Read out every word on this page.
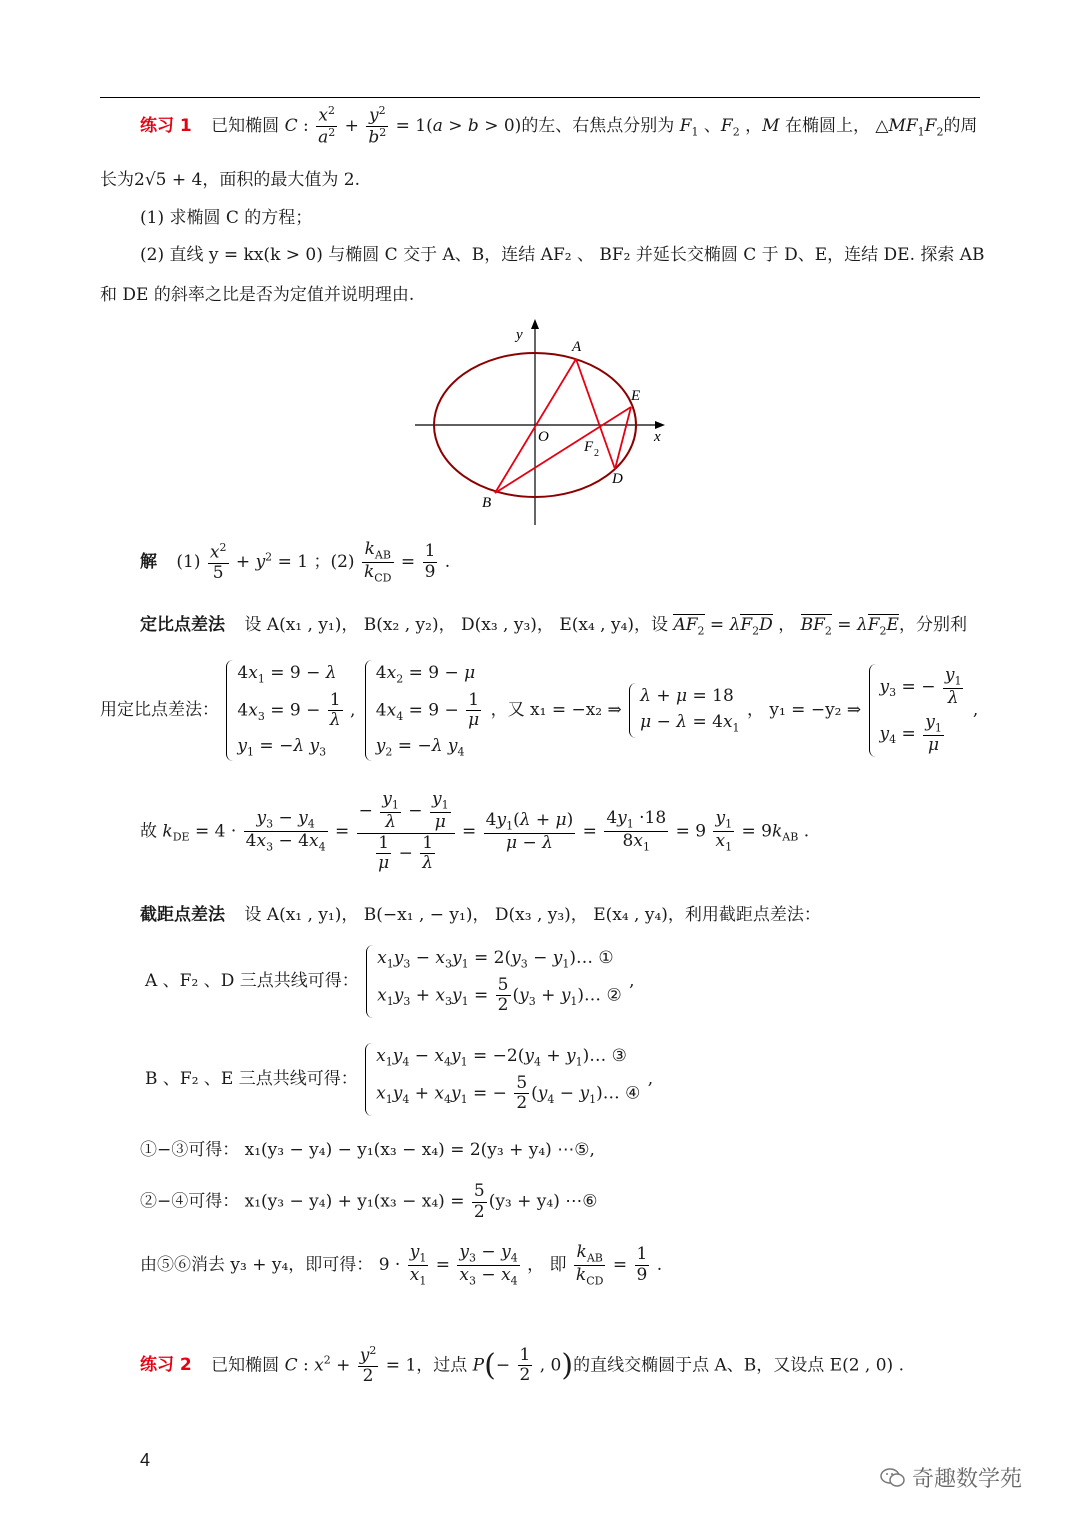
练习 1 已知椭圆 C : $\frac{x^2}{a^2} + \frac{y^2}{b^2} = 1(a > b > 0)$的左、右焦点分别为 $F_1$ 、$F_2$ ，M 在椭圆上， $\triangle MF_1F_2$的周
长为2√5 + 4，面积的最大值为 2.
(1) 求椭圆 C 的方程；
(2) 直线 y = kx(k > 0) 与椭圆 C 交于 A、B，连结 AF₂ 、 BF₂ 并延长交椭圆 C 于 D、E，连结 DE. 探索 AB
和 DE 的斜率之比是否为定值并说明理由.
y
A
E
O
F 2
x
D
B
解 $(1) \frac{x^2}{5} + y^2 = 1$ ；$(2) \frac{k_{AB}}{k_{CD}} = \frac{1}{9}$ .
定比点差法 设 A(x₁ , y₁)， B(x₂ , y₂)， D(x₃ , y₃)， E(x₄ , y₄)，设 $AF_2 = \lambda F_2D$ ， $BF_2 = \lambda F_2E$，分别利
用定比点差法：
$4x_1 = 9 - \lambda$
$4x_3 = 9 - \frac{1}{\lambda}$ ,
$y_1 = -\lambda$ $y_3$

$4x_2 = 9 - \mu$
$4x_4 = 9 - \frac{1}{\mu}$
$y_2 = -\lambda$ $y_4$
，又 x₁ = −x₂ ⇒
λ + μ = 18
$\mu - \lambda = 4x_1$
， y₁ = −y₂ ⇒
$y_3$ = − $\frac{y_1}{\lambda}$
$y_4 = \frac{y_1}{\mu}$
,
故 $k_{DE} = 4 \cdot \frac{y_3 - y_4}{4x_3 - 4x_4} = \frac{- \frac{y_1}{\lambda} - \frac{y_1}{\mu}}{\frac{1}{\mu} - \frac{1}{\lambda}} = \frac{4y_1(\lambda + \mu)}{\mu - \lambda} = \frac{4y_1 \cdot 18}{8x_1} = 9 \frac{y_1}{x_1} = 9k_{AB}$ .
截距点差法 设 A(x₁ , y₁)， B(−x₁ , − y₁)， D(x₃ , y₃)， E(x₄ , y₄)，利用截距点差法：
A 、F₂ 、D 三点共线可得：
$x_1y_3 - x_3y_1 = 2(y_3$ − $y_1)\dots$ ①
$x_1y_3 + x_3y_1 = \frac{5}{2} (y_3$ + $y_1)\dots$ ②
,
B 、F₂ 、E 三点共线可得：
$x_1y_4 - x_4y_1 = -2(y_4$ + $y_1)\dots$ ③
$x_1y_4 + x_4y_1$ = − $\frac{5}{2} (y_4$ − $y_1)\dots$ ④
,
①−③可得： x₁(y₃ − y₄) − y₁(x₃ − x₄) = 2(y₃ + y₄) ⋯⑤,
②−④可得： $x_1(y_3 - y_4) + y_1(x_3 - x_4) = \frac{5}{2} (y_3 + y_4)$ ⋯⑥
由⑤⑥消去 y₃ + y₄，即可得： $9 \cdot \frac{y_1}{x_1} = \frac{y_3 - y_4}{x_3 - x_4}$ ， 即 $\frac{k_{AB}}{k_{CD}} = \frac{1}{9}$ .
练习 2 已知椭圆 C : $x^2 + \frac{y^2}{2} = 1$，过点 $P(- \frac{1}{2}$ , 0)的直线交椭圆于点 A、B，又设点 E(2 , 0) .
4
奇趣数学苑
